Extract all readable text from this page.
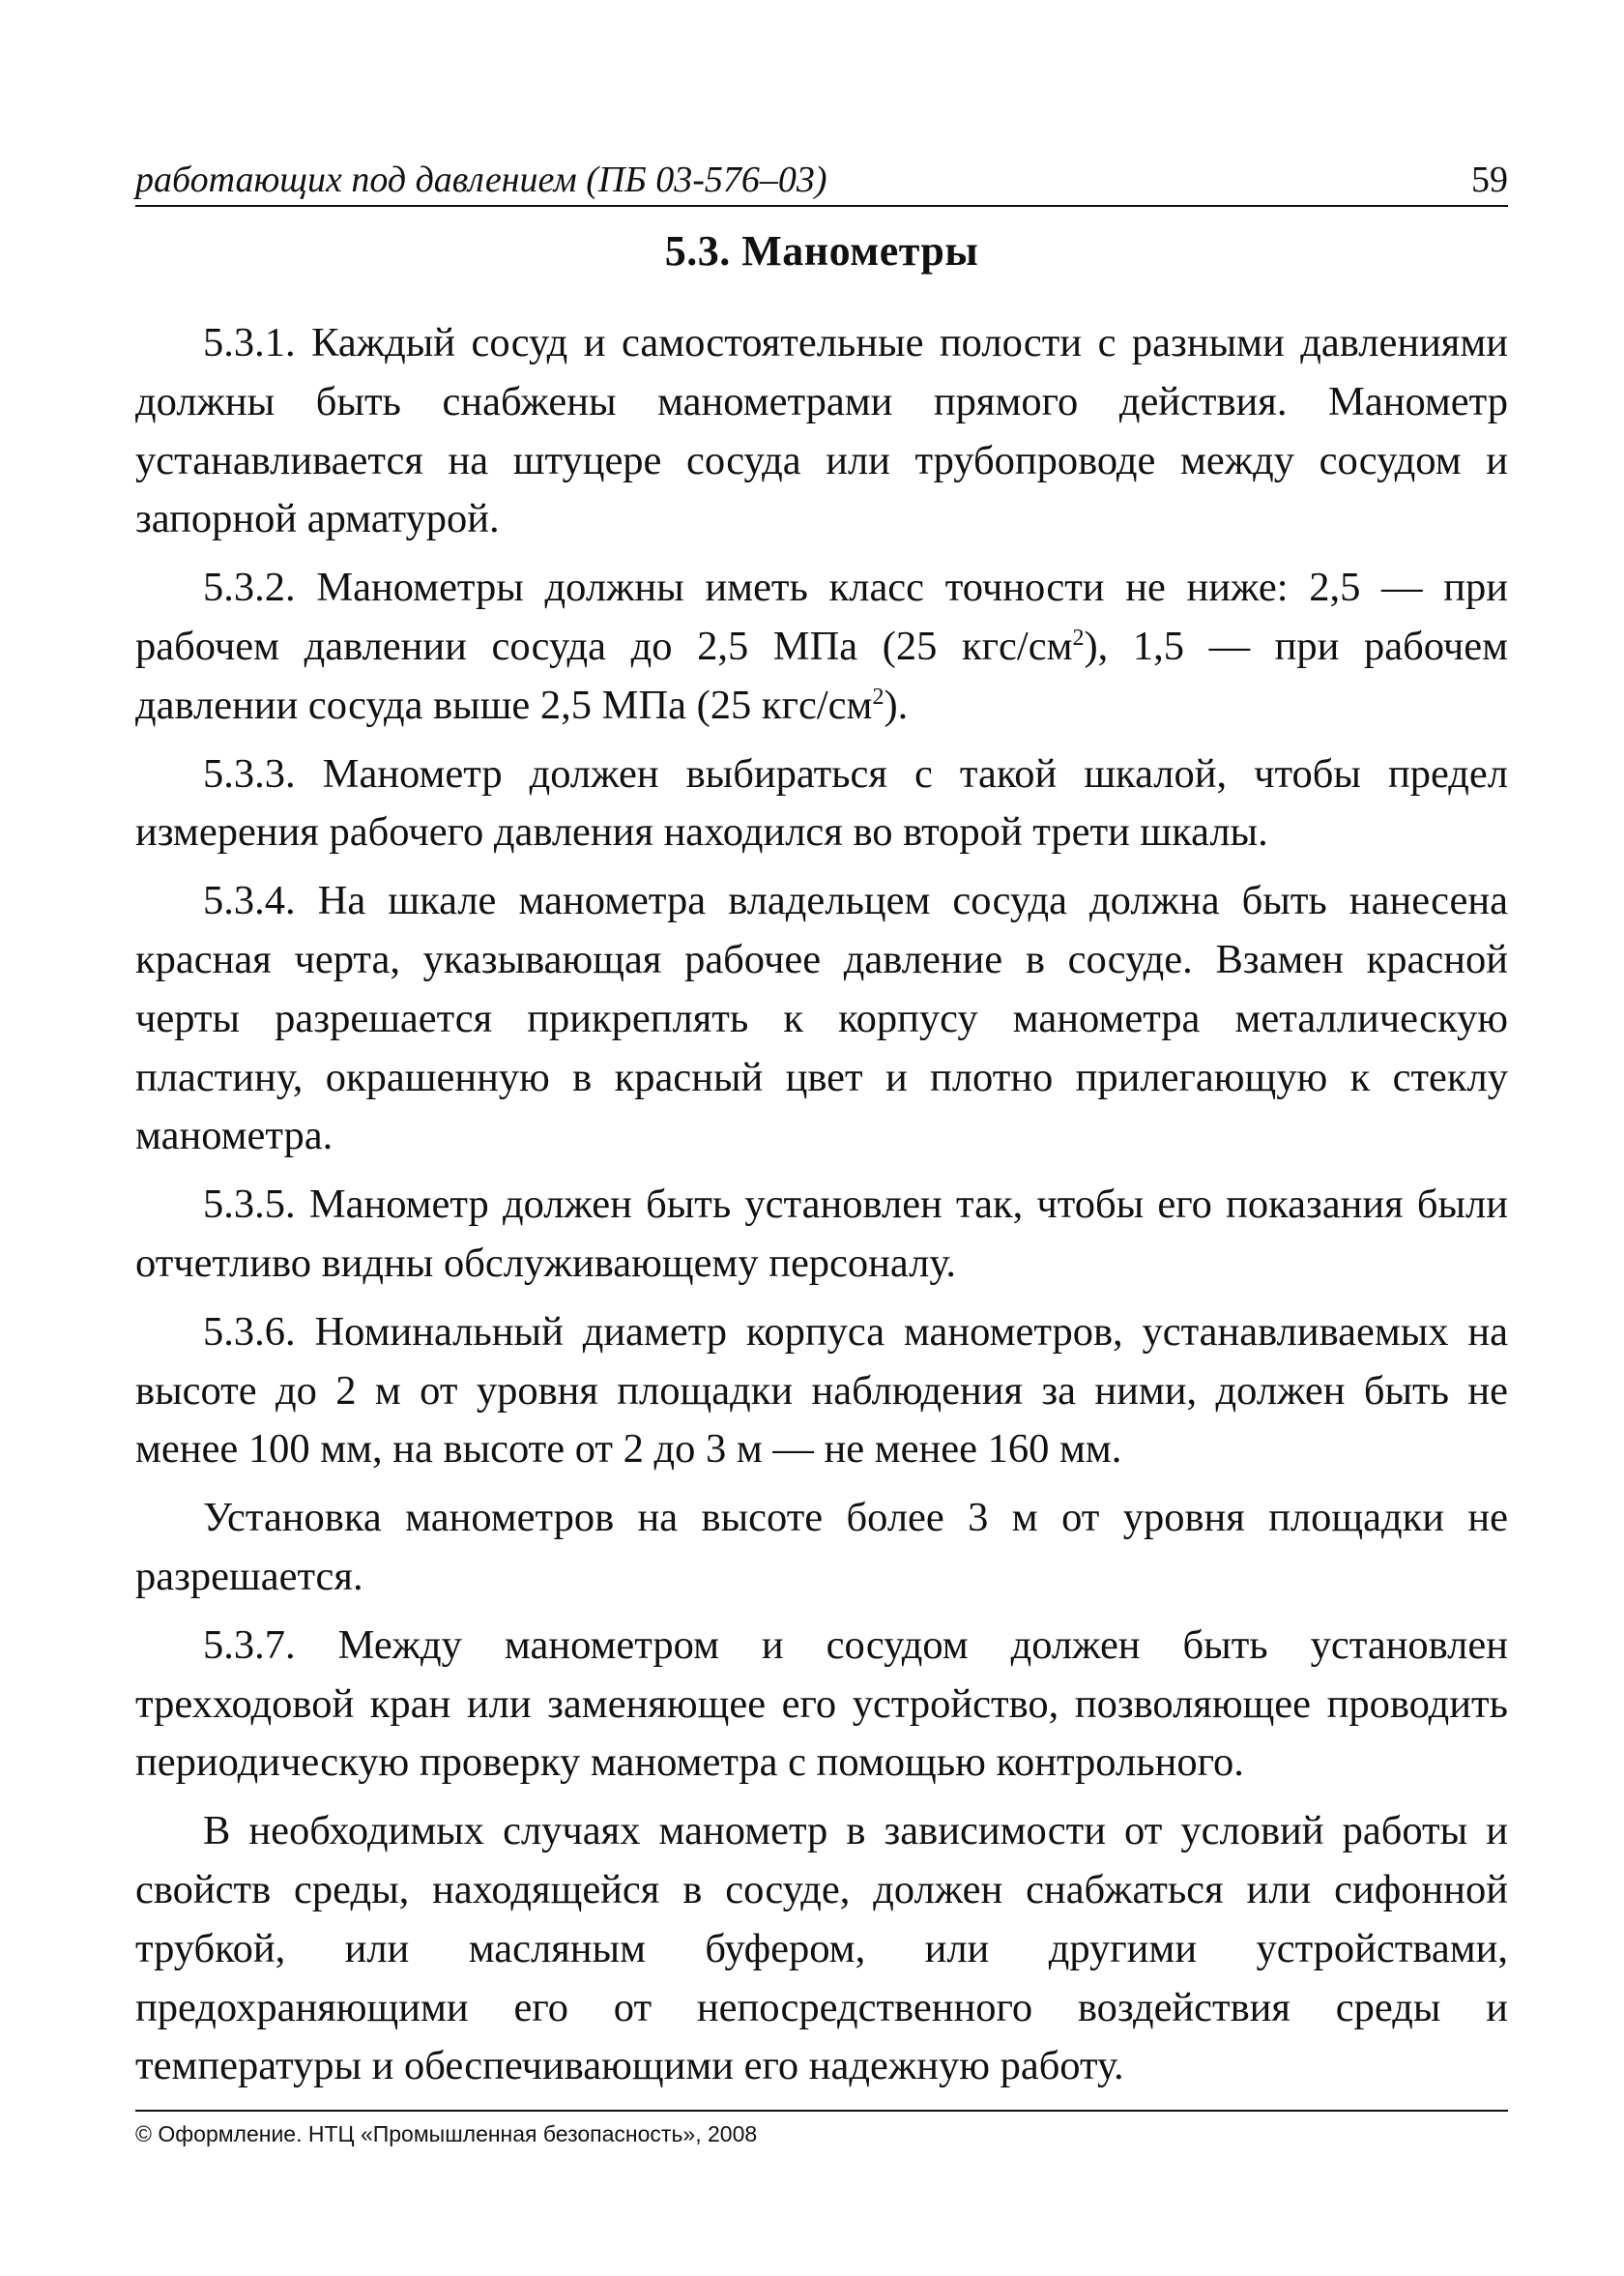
работающих под давлением (ПБ 03-576–03)	59
5.3. Манометры

5.3.1. Каждый сосуд и самостоятельные полости с разными давлениями должны быть снабжены манометрами прямого действия. Манометр устанавливается на штуцере сосуда или трубопроводе между сосудом и запорной арматурой.

5.3.2. Манометры должны иметь класс точности не ниже: 2,5 — при рабочем давлении сосуда до 2,5 МПа (25 кгс/$см^2$), 1,5 — при рабочем давлении сосуда выше 2,5 МПа (25 кгс/$см^2$).

5.3.3. Манометр должен выбираться с такой шкалой, чтобы предел измерения рабочего давления находился во второй трети шкалы.

5.3.4. На шкале манометра владельцем сосуда должна быть нанесена красная черта, указывающая рабочее давление в сосуде. Взамен красной черты разрешается прикреплять к корпусу манометра металлическую пластину, окрашенную в красный цвет и плотно прилегающую к стеклу манометра.

5.3.5. Манометр должен быть установлен так, чтобы его показания были отчетливо видны обслуживающему персоналу.

5.3.6. Номинальный диаметр корпуса манометров, устанавливаемых на высоте до 2 м от уровня площадки наблюдения за ними, должен быть не менее 100 мм, на высоте от 2 до 3 м — не менее 160 мм.

Установка манометров на высоте более 3 м от уровня площадки не разрешается.

5.3.7. Между манометром и сосудом должен быть установлен трехходовой кран или заменяющее его устройство, позволяющее проводить периодическую проверку манометра с помощью контрольного.

В необходимых случаях манометр в зависимости от условий работы и свойств среды, находящейся в сосуде, должен снабжаться или сифонной трубкой, или масляным буфером, или другими устройствами, предохраняющими его от непосредственного воздействия среды и температуры и обеспечивающими его надежную работу.

© Оформление. НТЦ «Промышленная безопасность», 2008
